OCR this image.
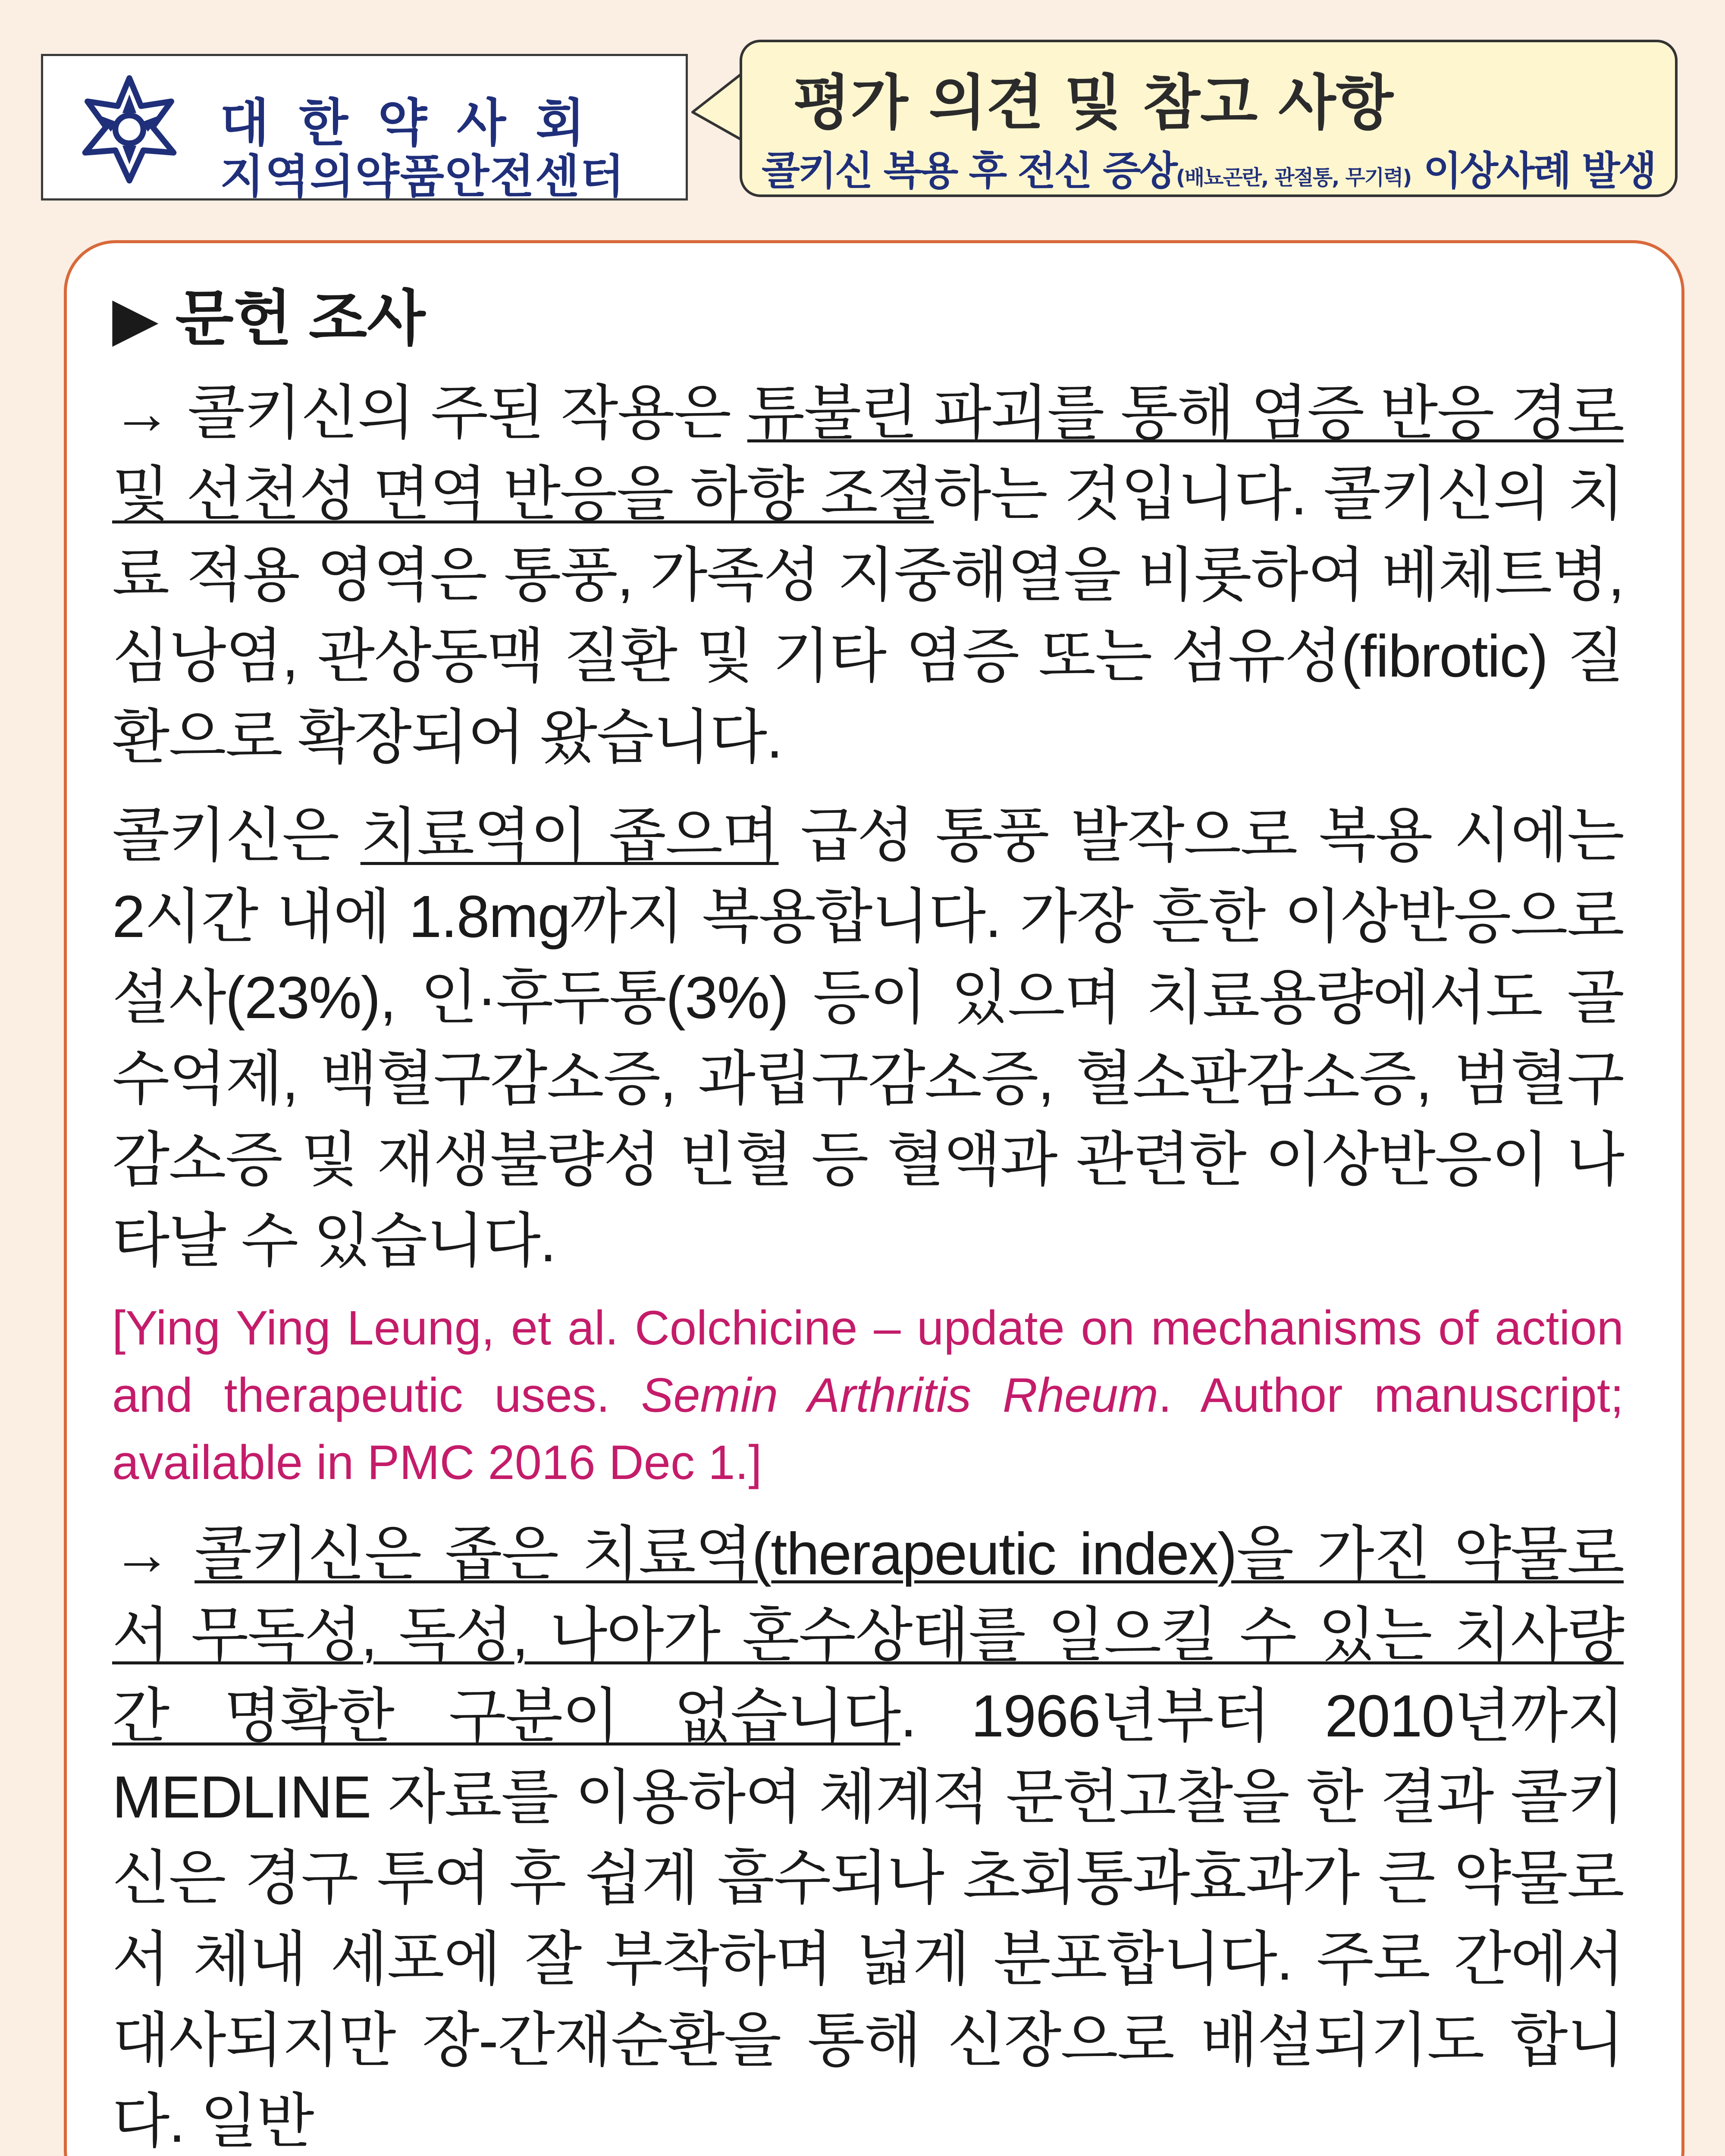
대 한 약 사 회
지역의약품안전센터
평가 의견 및 참고 사항
콜키신 복용 후 전신 증상(배뇨곤란, 관절통, 무기력) 이상사례 발생
▶ 문헌 조사

→ 콜키신의 주된 작용은 튜불린 파괴를 통해 염증 반응 경로 및 선천성 면역 반응을 하향 조절하는 것입니다. 콜키신의 치료 적용 영역은 통풍, 가족성 지중해열을 비롯하여 베체트병, 심낭염, 관상동맥 질환 및 기타 염증 또는 섬유성(fibrotic) 질환으로 확장되어 왔습니다.

콜키신은 치료역이 좁으며 급성 통풍 발작으로 복용 시에는 2시간 내에 1.8mg까지 복용합니다. 가장 흔한 이상반응으로 설사(23%), 인·후두통(3%) 등이 있으며 치료용량에서도 골수억제, 백혈구감소증, 과립구감소증, 혈소판감소증, 범혈구감소증 및 재생불량성 빈혈 등 혈액과 관련한 이상반응이 나타날 수 있습니다.

[Ying Ying Leung, et al. Colchicine – update on mechanisms of action and therapeutic uses. Semin Arthritis Rheum. Author manuscript; available in PMC 2016 Dec 1.]

→ 콜키신은 좁은 치료역(therapeutic index)을 가진 약물로서 무독성, 독성, 나아가 혼수상태를 일으킬 수 있는 치사량 간 명확한 구분이 없습니다. 1966년부터 2010년까지 MEDLINE 자료를 이용하여 체계적 문헌고찰을 한 결과 콜키신은 경구 투여 후 쉽게 흡수되나 초회통과효과가 큰 약물로서 체내 세포에 잘 부착하며 넓게 분포합니다. 주로 간에서 대사되지만 장-간재순환을 통해 신장으로 배설되기도 합니다. 일반
